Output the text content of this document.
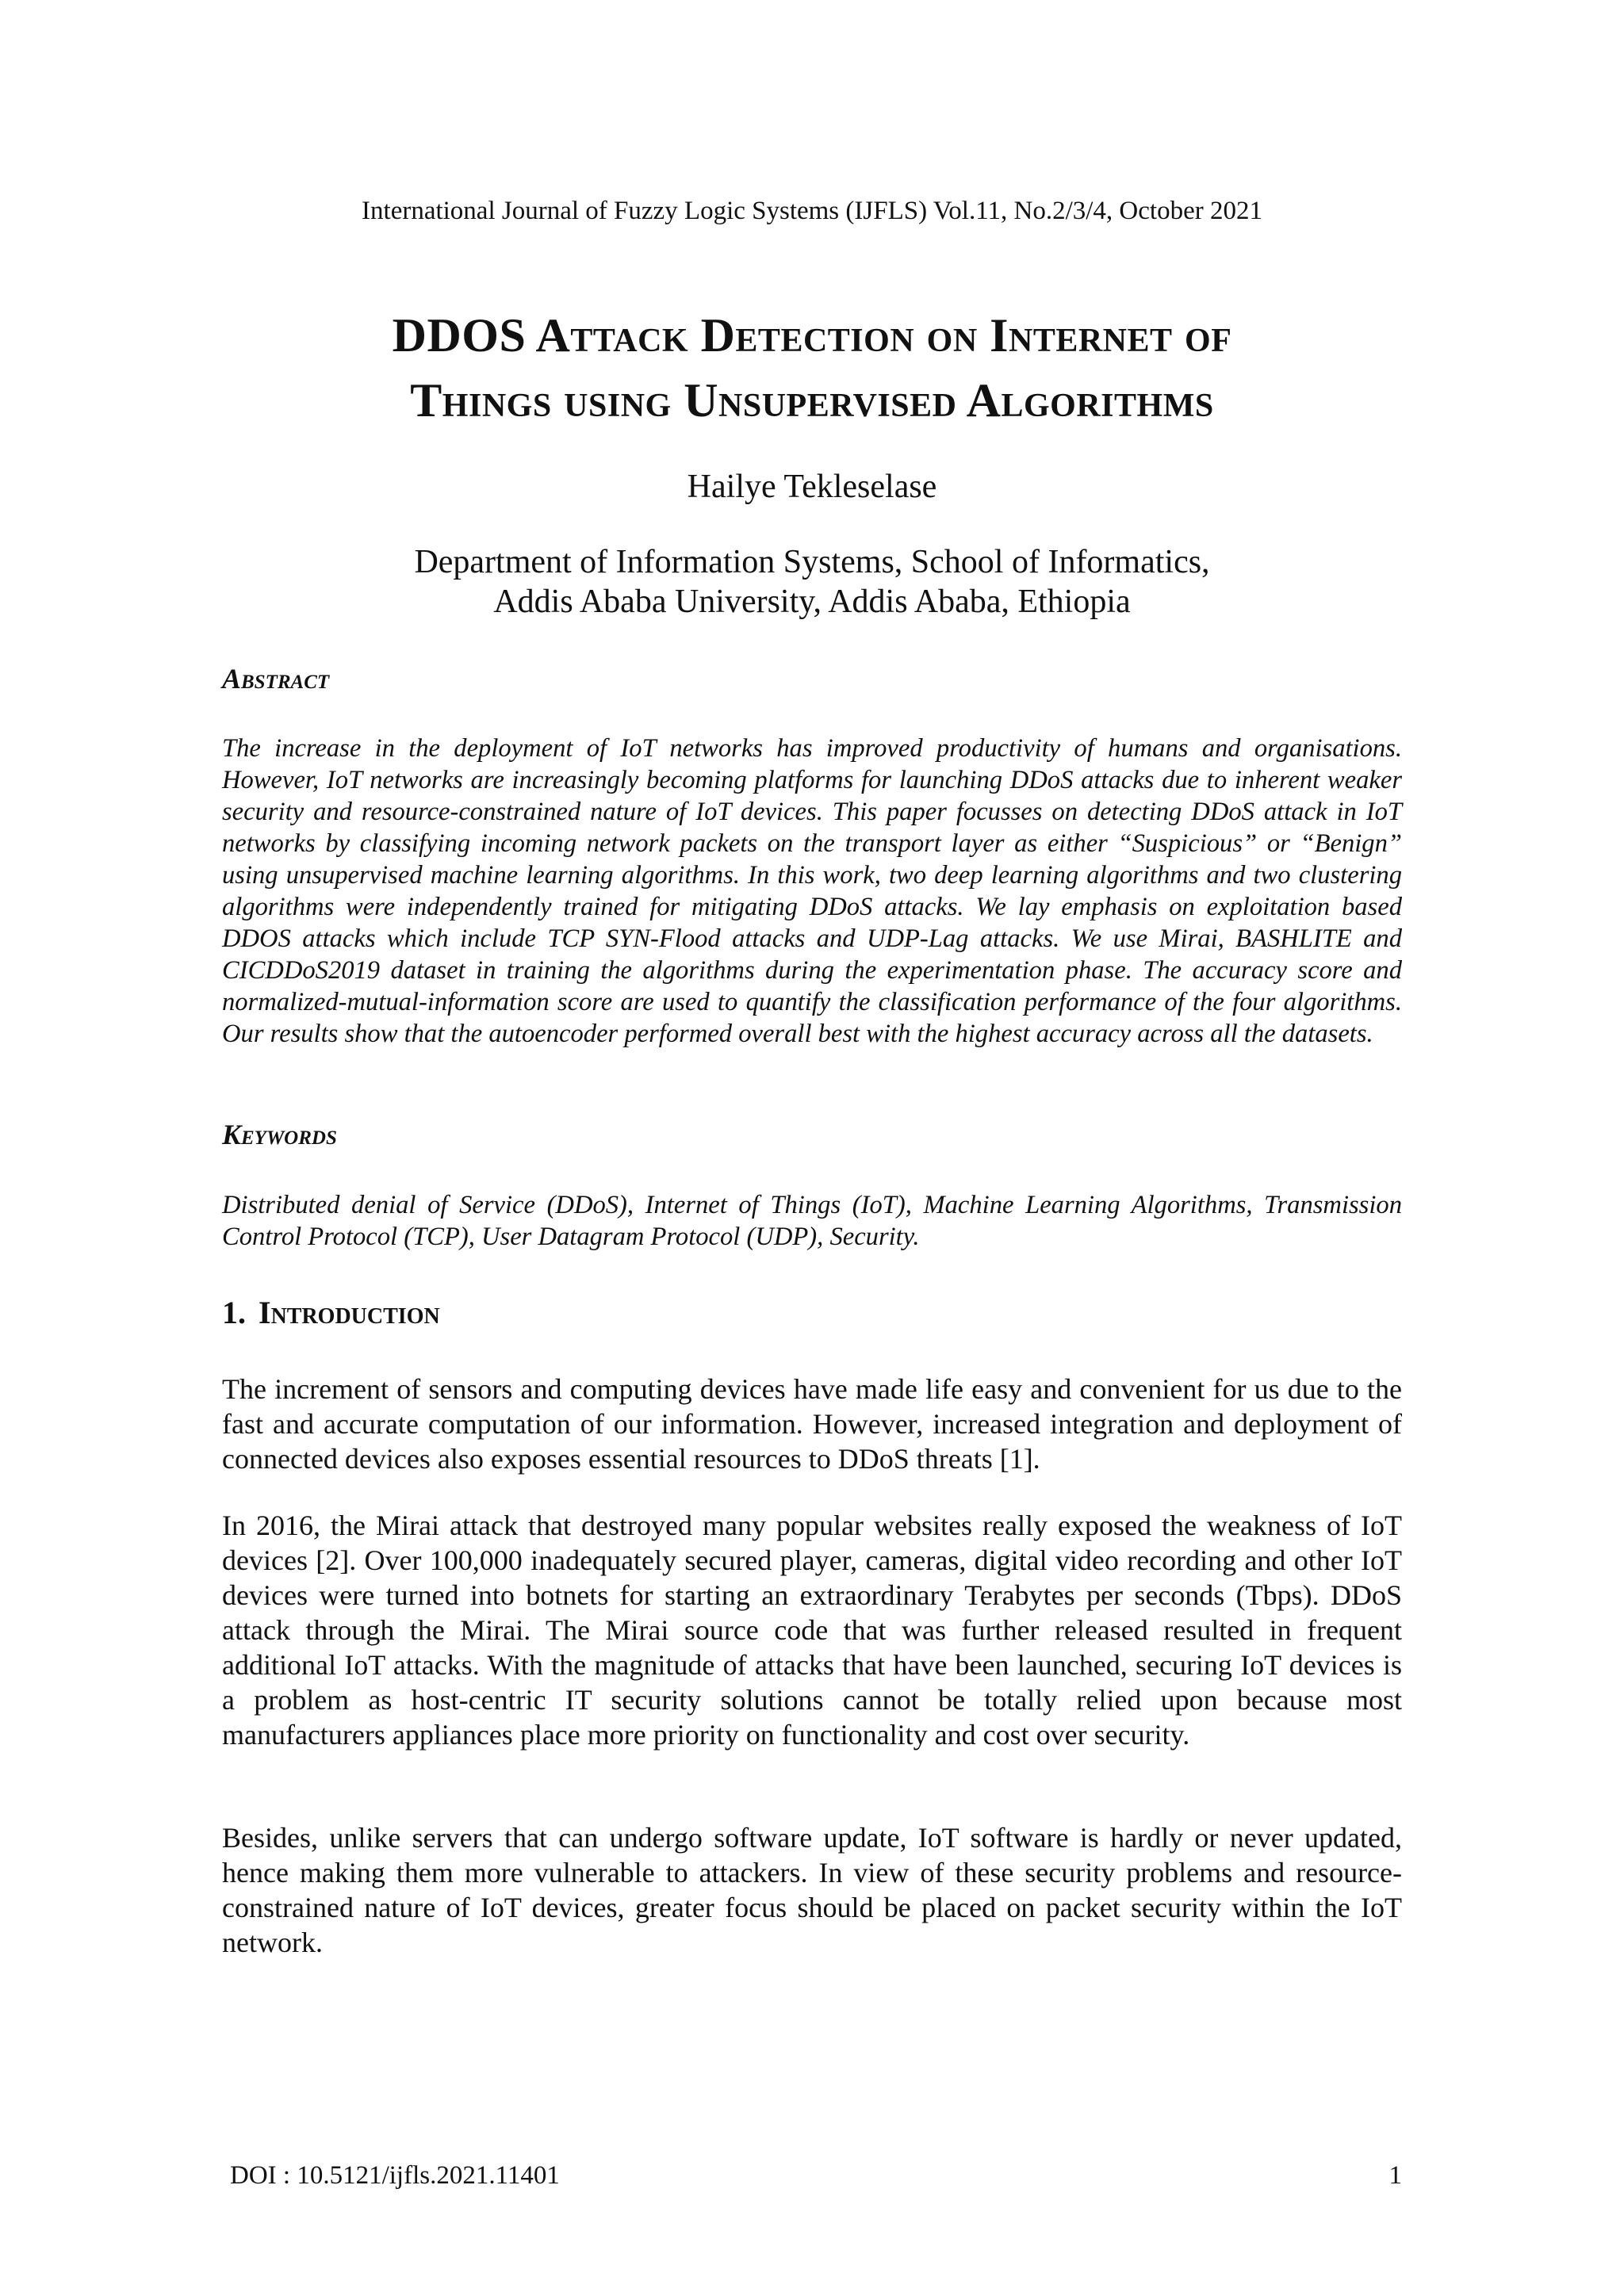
International Journal of Fuzzy Logic Systems (IJFLS) Vol.11, No.2/3/4, October 2021
DDOS Attack Detection on Internet of
Things using Unsupervised Algorithms
Hailye Tekleselase
Department of Information Systems, School of Informatics,
Addis Ababa University, Addis Ababa, Ethiopia
Abstract
The increase in the deployment of IoT networks has improved productivity of humans and organisations. However, IoT networks are increasingly becoming platforms for launching DDoS attacks due to inherent weaker security and resource-constrained nature of IoT devices. This paper focusses on detecting DDoS attack in IoT networks by classifying incoming network packets on the transport layer as either “Suspicious” or “Benign” using unsupervised machine learning algorithms. In this work, two deep learning algorithms and two clustering algorithms were independently trained for mitigating DDoS attacks. We lay emphasis on exploitation based DDOS attacks which include TCP SYN-Flood attacks and UDP-Lag attacks. We use Mirai, BASHLITE and CICDDoS2019 dataset in training the algorithms during the experimentation phase. The accuracy score and normalized-mutual-information score are used to quantify the classification performance of the four algorithms. Our results show that the autoencoder performed overall best with the highest accuracy across all the datasets.
Keywords
Distributed denial of Service (DDoS), Internet of Things (IoT), Machine Learning Algorithms, Transmission Control Protocol (TCP), User Datagram Protocol (UDP), Security.
1. Introduction
The increment of sensors and computing devices have made life easy and convenient for us due to the fast and accurate computation of our information. However, increased integration and deployment of connected devices also exposes essential resources to DDoS threats [1].
In 2016, the Mirai attack that destroyed many popular websites really exposed the weakness of IoT devices [2]. Over 100,000 inadequately secured player, cameras, digital video recording and other IoT devices were turned into botnets for starting an extraordinary Terabytes per seconds (Tbps). DDoS attack through the Mirai. The Mirai source code that was further released resulted in frequent additional IoT attacks. With the magnitude of attacks that have been launched, securing IoT devices is a problem as host-centric IT security solutions cannot be totally relied upon because most manufacturers appliances place more priority on functionality and cost over security.
Besides, unlike servers that can undergo software update, IoT software is hardly or never updated, hence making them more vulnerable to attackers. In view of these security problems and resource-constrained nature of IoT devices, greater focus should be placed on packet security within the IoT network.
DOI : 10.5121/ijfls.2021.11401	1
